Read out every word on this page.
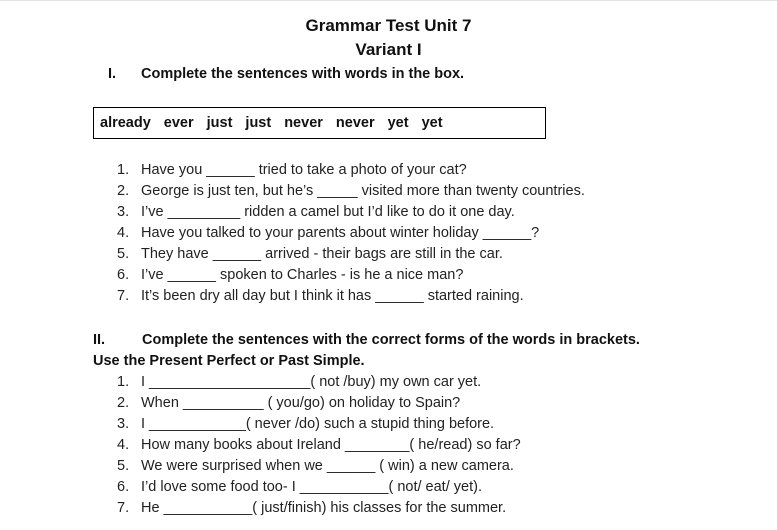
Grammar Test Unit 7
Variant I
I. Complete the sentences with words in the box.
already ever just just never never yet yet
1. Have you ______ tried to take a photo of your cat?
2. George is just ten, but he’s _____ visited more than twenty countries.
3. I’ve _________ ridden a camel but I’d like to do it one day.
4. Have you talked to your parents about winter holiday ______?
5. They have ______ arrived - their bags are still in the car.
6. I’ve ______ spoken to Charles - is he a nice man?
7. It’s been dry all day but I think it has ______ started raining.
II.	Complete the sentences with the correct forms of the words in brackets.
Use the Present Perfect or Past Simple.
1. I ____________________( not /buy) my own car yet.
2. When __________ ( you/go) on holiday to Spain?
3. I ____________( never /do) such a stupid thing before.
4. How many books about Ireland ________( he/read) so far?
5. We were surprised when we ______ ( win) a new camera.
6. I’d love some food too- I ___________( not/ eat/ yet).
7. He ___________( just/finish) his classes for the summer.
